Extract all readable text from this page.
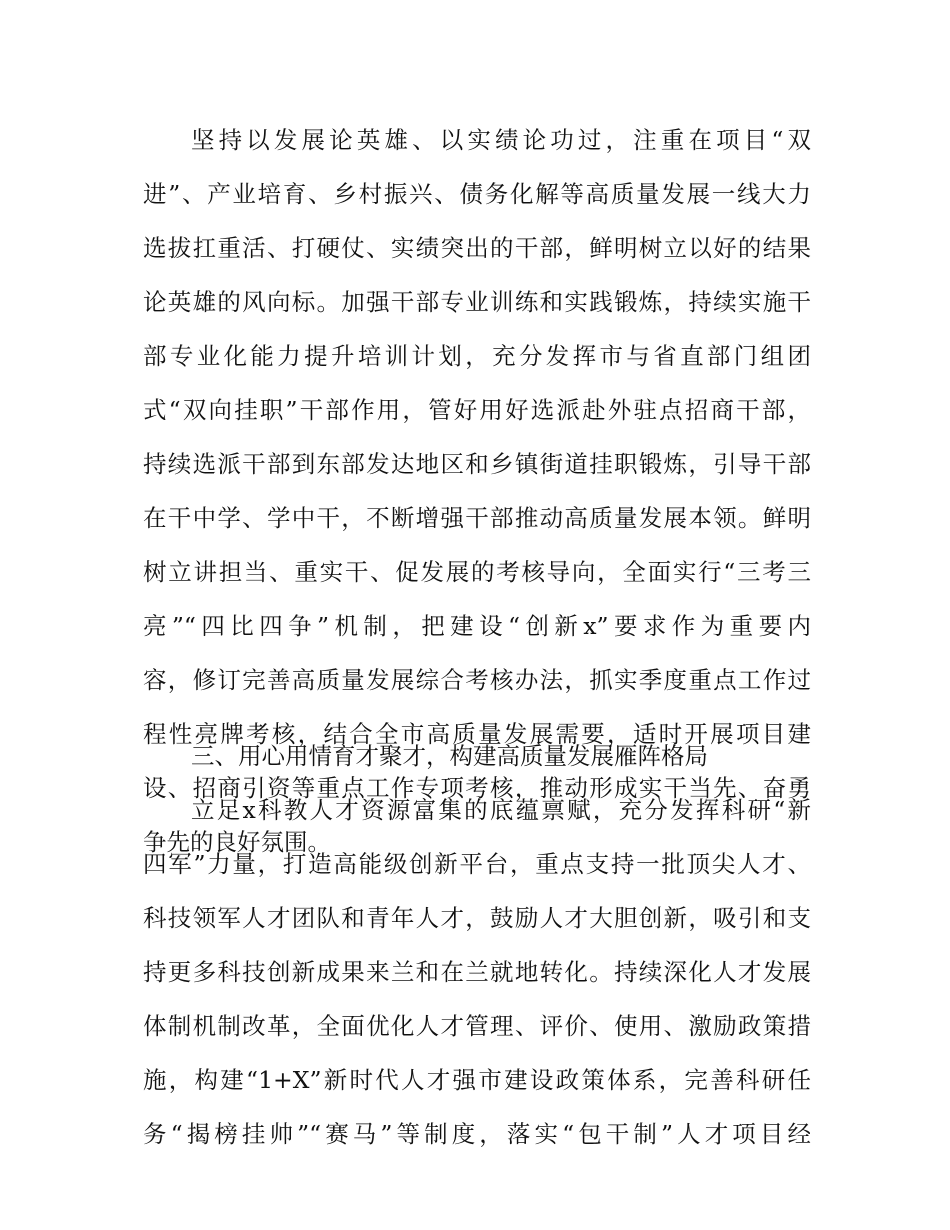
坚持以发展论英雄、以实绩论功过，注重在项目“双
进”、产业培育、乡村振兴、债务化解等高质量发展一线大力
选拔扛重活、打硬仗、实绩突出的干部，鲜明树立以好的结果
论英雄的风向标。加强干部专业训练和实践锻炼，持续实施干
部专业化能力提升培训计划，充分发挥市与省直部门组团
式“双向挂职”干部作用，管好用好选派赴外驻点招商干部，
持续选派干部到东部发达地区和乡镇街道挂职锻炼，引导干部
在干中学、学中干，不断增强干部推动高质量发展本领。鲜明
树立讲担当、重实干、促发展的考核导向，全面实行“三考三
亮”“四比四争”机制，把建设“创新x”要求作为重要内
容，修订完善高质量发展综合考核办法，抓实季度重点工作过
程性亮牌考核，结合全市高质量发展需要，适时开展项目建
设、招商引资等重点工作专项考核，推动形成实干当先、奋勇
争先的良好氛围。
三、用心用情育才聚才，构建高质量发展雁阵格局
立足x科教人才资源富集的底蕴禀赋，充分发挥科研“新
四军”力量，打造高能级创新平台，重点支持一批顶尖人才、
科技领军人才团队和青年人才，鼓励人才大胆创新，吸引和支
持更多科技创新成果来兰和在兰就地转化。持续深化人才发展
体制机制改革，全面优化人才管理、评价、使用、激励政策措
施，构建“1+X”新时代人才强市建设政策体系，完善科研任
务“揭榜挂帅”“赛马”等制度，落实“包干制”人才项目经
